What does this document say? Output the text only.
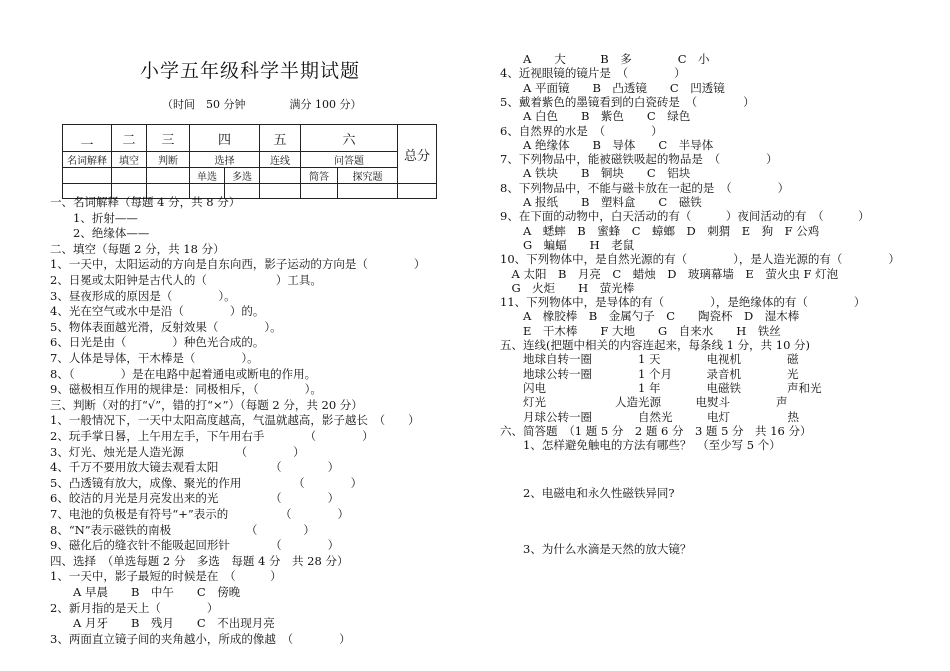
小学五年级科学半期试题
（时间　50 分钟　　　　满分 100 分）
一	二	三	四		五	六		总分
名词解释	填空	判断	选择		连线	问答题		
			单选	多选		简答	探究题	

一、名词解释（每题 4 分，共 8 分）
　　1、折射——
　　2、绝缘体——
二、填空（每题 2 分，共 18 分）
1、一天中，太阳运动的方向是自东向西，影子运动的方向是（　　　　）
2、日冕或太阳钟是古代人的（　　　　　　）工具。
3、昼夜形成的原因是（　　　　）。
4、光在空气或水中是沿（　　　　）的。
5、物体表面越光滑，反射效果（　　　　）。
6、日光是由（　　　　）种色光合成的。
7、人体是导体，干木棒是（　　　　）。
8、（　　　　）是在电路中起着通电或断电的作用。
9、磁极相互作用的规律是：同极相斥，（　　　　）。
三、判断（对的打“√”，错的打“×”）（每题 2 分，共 20 分）
1、一般情况下，一天中太阳高度越高，气温就越高，影子越长　（　　）
2、玩手掌日晷，上午用左手，下午用右手　　　　（　　　　）
3、灯光、烛光是人造光源　　　　　（　　　　）
4、千万不要用放大镜去观看太阳　　　　　（　　　　）
5、凸透镜有放大，成像、聚光的作用　　　　　（　　　　）
6、皎洁的月光是月亮发出来的光　　　　　（　　　　）
7、电池的负极是有符号“+”表示的　　　　　（　　　　）
8、“N”表示磁铁的南极　　　　　　　（　　　　）
9、磁化后的缝衣针不能吸起回形针　　　　（　　　　）
四、选择　（单选每题 2 分　多选　每题 4 分　共 28 分）
1、一天中，影子最短的时候是在　（　　　）
　　A 早晨　　B　中午　　C　傍晚
2、新月指的是天上（　　　　）
　　A 月牙　　B　残月　　C　不出现月亮
3、两面直立镜子间的夹角越小，所成的像越　（　　　　）
　　A　　大　　　B　多　　　　C　小
4、近视眼镜的镜片是　（　　　　）
　　A 平面镜　　B　凸透镜　　C　凹透镜
5、戴着紫色的墨镜看到的白瓷砖是　（　　　　）
　　A 白色　　B　紫色　　C　绿色
6、自然界的水是　（　　　　）
　　A 绝缘体　　B　导体　　C　半导体
7、下列物品中，能被磁铁吸起的物品是　（　　　　）
　　A 铁块　　B　铜块　　C　铝块
8、下列物品中，不能与磁卡放在一起的是　（　　　　）
　　A 报纸　　B　塑料盒　　C　磁铁
9、在下面的动物中，白天活动的有（　　　）夜间活动的有　（　　　）
　　A　蟋蟀　B　蜜蜂　C　蟑螂　D　刺猬　E　狗　F 公鸡
　　G　蝙蝠　　H　老鼠
10、下列物体中，是自然光源的有（　　　　），是人造光源的有（　　　　）
　A 太阳　B　月亮　C　蜡烛　D　玻璃幕墙　E　萤火虫 F 灯泡
　G　火炬　　H　萤光棒
11、下列物体中，是导体的有（　　　　），是绝缘体的有（　　　　）
　　A　橡胶棒　B　金属勺子　C　　陶瓷杯　D　湿木棒
　　E　干木棒　　F 大地　　G　自来水　　H　铁丝
五、连线(把题中相关的内容连起来，每条线 1 分，共 10 分)
　　地球自转一圈　　　　1 天　　　　电视机　　　　磁
　　地球公转一圈　　　　1 个月　　　录音机　　　　光
　　闪电　　　　　　　　1 年　　　　电磁铁　　　　声和光
　　灯光　　　　　　人造光源　　　电熨斗　　　　声
　　月球公转一圈　　　　自然光　　　电灯　　　　　热
六、简答题　（1 题 5 分　2 题 6 分　3 题 5 分　共 16 分）
　　1、怎样避免触电的方法有哪些？　（至少写 5 个）
　　2、电磁电和永久性磁铁异同?
　　3、为什么水滴是天然的放大镜？
